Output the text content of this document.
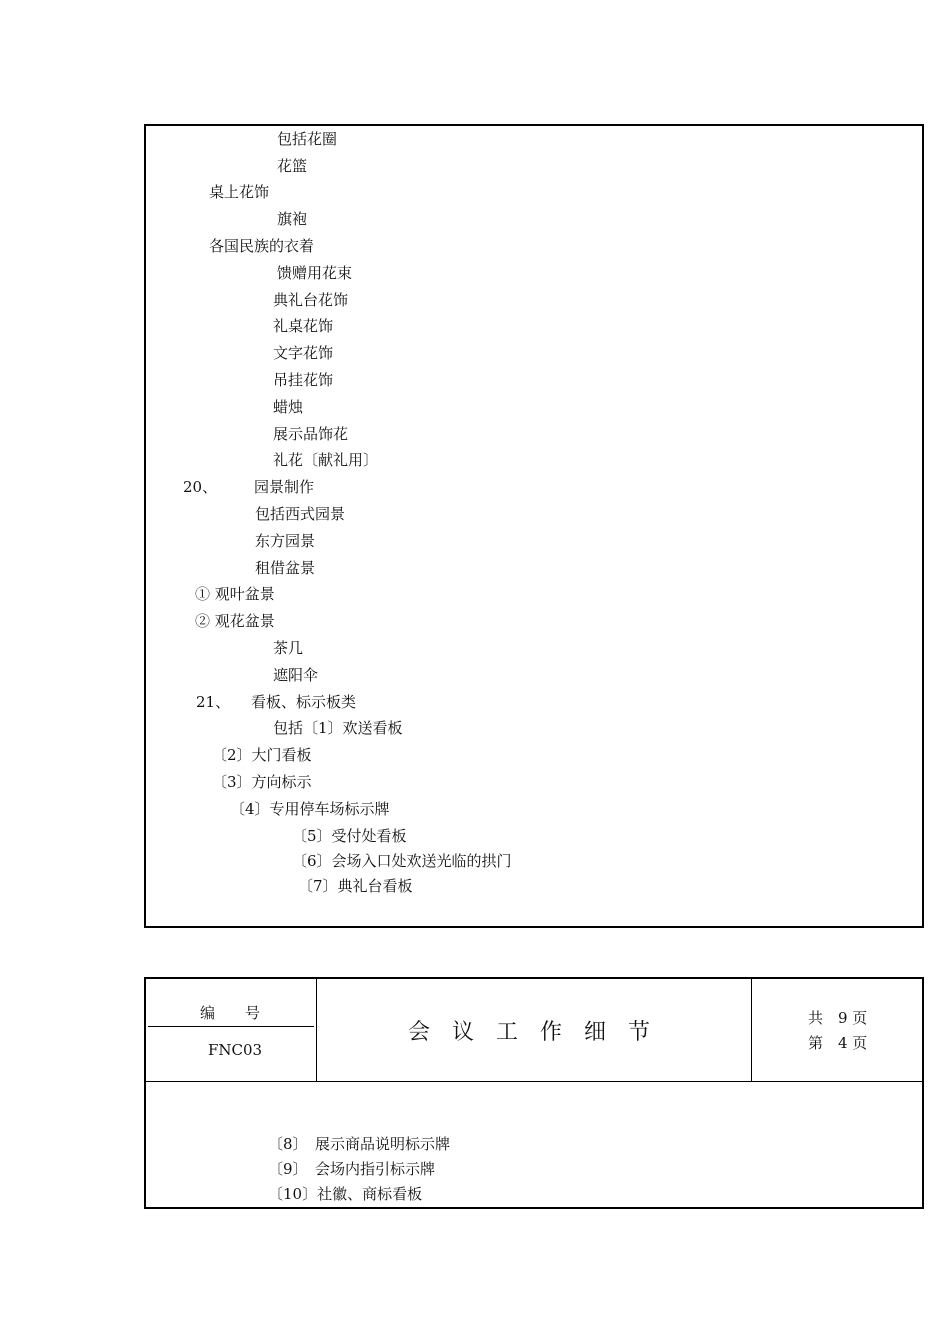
包括花圈
花篮
桌上花饰
旗袍
各国民族的衣着
馈赠用花束
典礼台花饰
礼桌花饰
文字花饰
吊挂花饰
蜡烛
展示品饰花
礼花〔献礼用〕
20、 园景制作
包括西式园景
东方园景
租借盆景
① 观叶盆景
② 观花盆景
茶几
遮阳伞
21、 看板、标示板类
包括〔1〕欢送看板
〔2〕大门看板
〔3〕方向标示
〔4〕专用停车场标示牌
〔5〕受付处看板
〔6〕会场入口处欢送光临的拱门
〔7〕典礼台看板
编　　号
FNC03
会议工作细节
共　9 页
第　4 页
〔8〕　展示商品说明标示牌
〔9〕　会场内指引标示牌
〔10〕社徽、商标看板
